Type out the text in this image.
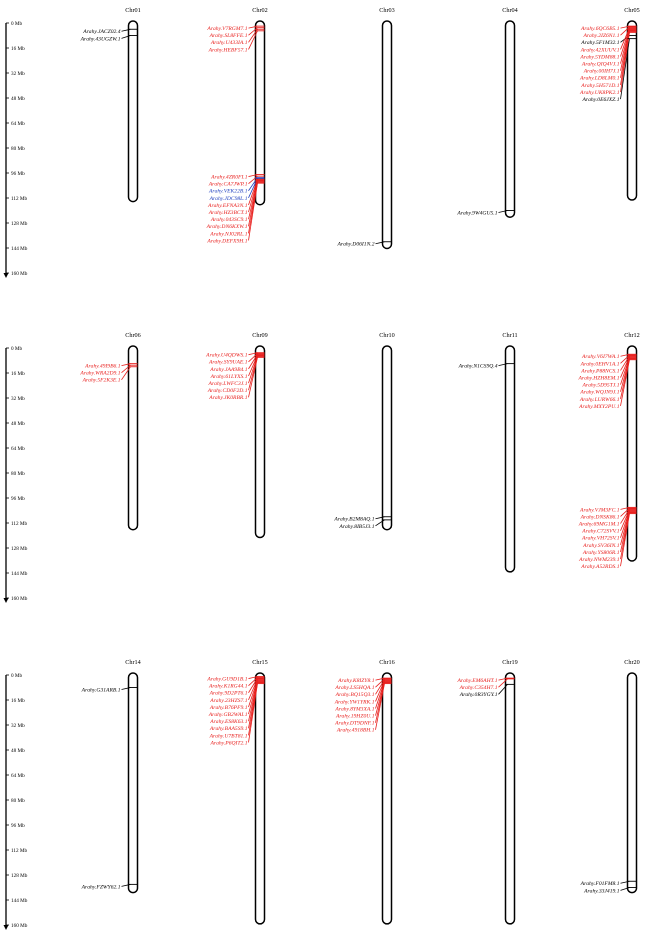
0 Mb
16 Mb
32 Mb
48 Mb
64 Mb
80 Mb
96 Mb
112 Mb
128 Mb
144 Mb
160 Mb
0 Mb
16 Mb
32 Mb
48 Mb
64 Mb
80 Mb
96 Mb
112 Mb
128 Mb
144 Mb
160 Mb
0 Mb
16 Mb
32 Mb
48 Mb
64 Mb
80 Mb
96 Mb
112 Mb
128 Mb
144 Mb
160 Mb
Chr01
Arahy.JACZ02.4
Arahy.43UGZW.1
Chr02
Arahy.V7RGM7.1
Arahy.SL8FFE.1
Arahy.U433IA.1
Arahy.HEBF57.1
Arahy.4ZR0FI.1
Arahy.CA7JWP.1
Arahy.VEK22B.1
Arahy.JDC98L.1
Arahy.EFNA3N.1
Arahy.HZ3BCT.1
Arahy.043SC9.1
Arahy.DN6KXW.1
Arahy.NJ02RL.1
Arahy.DEFX9H.1
Chr03
Arahy.D06I1N.2
Chr04
Arahy.9W4GU5.1
Chr05
Arahy.6QC6B5.1
Arahy.2IZ6N1.1
Arahy.5F1M32.1
Arahy.42XUUV.1
Arahy.5YDM88.1
Arahy.QIQ4VJ.1
Arahy.00IH7J.1
Arahy.LD8LM0.1
Arahy.5H571D.1
Arahy.UK8PK2.1
Arahy.0E6JXZ.1
Chr06
Arahy.49I9B6.1
Arahy.WRA2D9.1
Arahy.5F2K3E.1
Chr09
Arahy.U4QDWS.1
Arahy.SY9UAE.1
Arahy.JAA9B4.1
Arahy.61LYXS.1
Arahy.LWFC3J.1
Arahy.CD0F2D.1
Arahy.JK0RBR.1
Chr10
Arahy.B2M8AQ.1
Arahy.8IB5J3.1
Chr11
Arahy.N1CS9Q.4
Chr12
Arahy.V6I7WA.1
Arahy.0EHV1A.1
Arahy.P88NCS.1
Arahy.HZH8EM.1
Arahy.5D95TJ.1
Arahy.WQJN9J.1
Arahy.LURW66.1
Arahy.MXY2PU.1
Arahy.VJM3FC.1
Arahy.DNSK86.1
Arahy.69MG1M.1
Arahy.C72SVV.1
Arahy.VH72SV.1
Arahy.SV36IN.1
Arahy.YS806R.1
Arahy.NWM239.1
Arahy.A52RDS.1
Chr14
Arahy.G31ARB.1
Arahy.FZWY62.1
Chr15
Arahy.GU9D1B.1
Arahy.K1RG44.1
Arahy.9D2PT6.1
Arahy.23HZS7.1
Arahy.B76PF9.1
Arahy.GB2WAI.1
Arahy.ES8K63.1
Arahy.BAA5S9.1
Arahy.U7BT81.1
Arahy.P6QIT2.1
Chr16
Arahy.K8IZY8.1
Arahy.LS5HQA.1
Arahy.BQ15Q3.1
Arahy.YW1YRK.1
Arahy.8YM3XA.1
Arahy.19HZ0U.1
Arahy.DT9DNF.1
Arahy.4918BH.1
Chr19
Arahy.EM6AHT.1
Arahy.C354H7.1
Arahy.0R3YGY.1
Chr20
Arahy.F01FM8.1
Arahy.33J419.1
